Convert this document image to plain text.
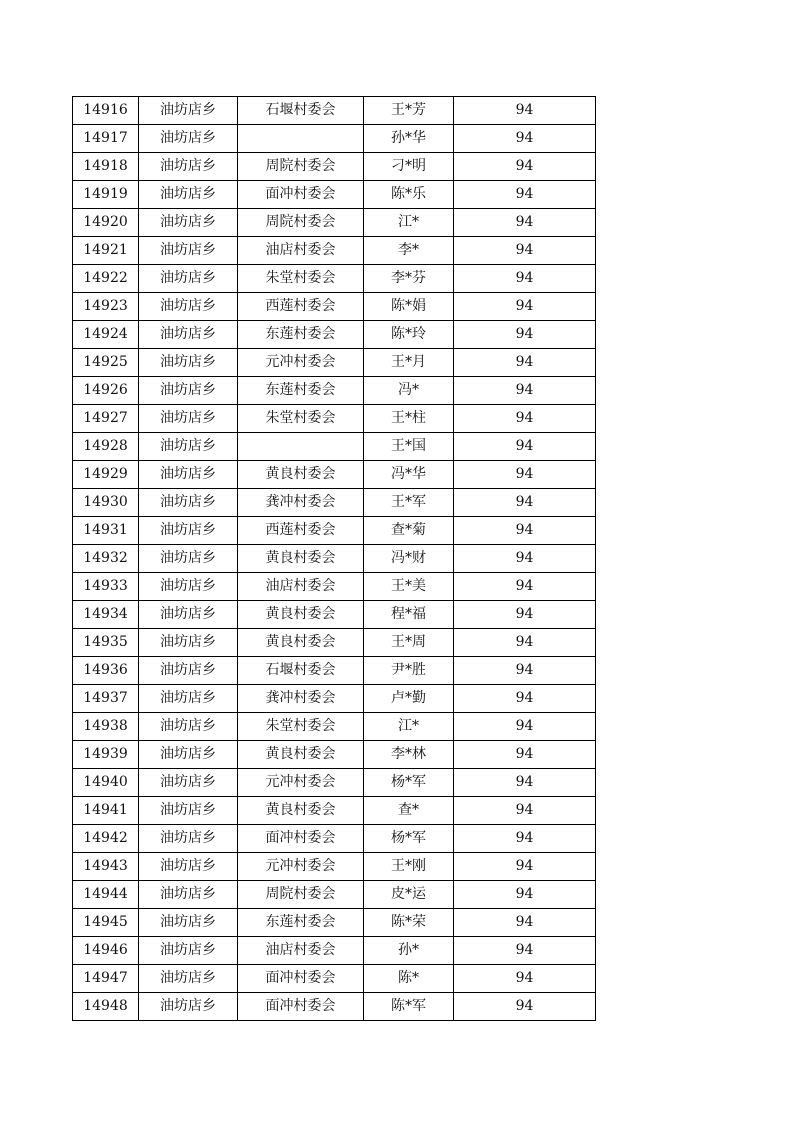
14916	油坊店乡	石堰村委会	王*芳	94
14917	油坊店乡		孙*华	94
14918	油坊店乡	周院村委会	刁*明	94
14919	油坊店乡	面冲村委会	陈*乐	94
14920	油坊店乡	周院村委会	江*	94
14921	油坊店乡	油店村委会	李*	94
14922	油坊店乡	朱堂村委会	李*芬	94
14923	油坊店乡	西莲村委会	陈*娟	94
14924	油坊店乡	东莲村委会	陈*玲	94
14925	油坊店乡	元冲村委会	王*月	94
14926	油坊店乡	东莲村委会	冯*	94
14927	油坊店乡	朱堂村委会	王*柱	94
14928	油坊店乡		王*国	94
14929	油坊店乡	黄良村委会	冯*华	94
14930	油坊店乡	龚冲村委会	王*军	94
14931	油坊店乡	西莲村委会	查*菊	94
14932	油坊店乡	黄良村委会	冯*财	94
14933	油坊店乡	油店村委会	王*美	94
14934	油坊店乡	黄良村委会	程*福	94
14935	油坊店乡	黄良村委会	王*周	94
14936	油坊店乡	石堰村委会	尹*胜	94
14937	油坊店乡	龚冲村委会	卢*勤	94
14938	油坊店乡	朱堂村委会	江*	94
14939	油坊店乡	黄良村委会	李*林	94
14940	油坊店乡	元冲村委会	杨*军	94
14941	油坊店乡	黄良村委会	查*	94
14942	油坊店乡	面冲村委会	杨*军	94
14943	油坊店乡	元冲村委会	王*刚	94
14944	油坊店乡	周院村委会	皮*运	94
14945	油坊店乡	东莲村委会	陈*荣	94
14946	油坊店乡	油店村委会	孙*	94
14947	油坊店乡	面冲村委会	陈*	94
14948	油坊店乡	面冲村委会	陈*军	94
